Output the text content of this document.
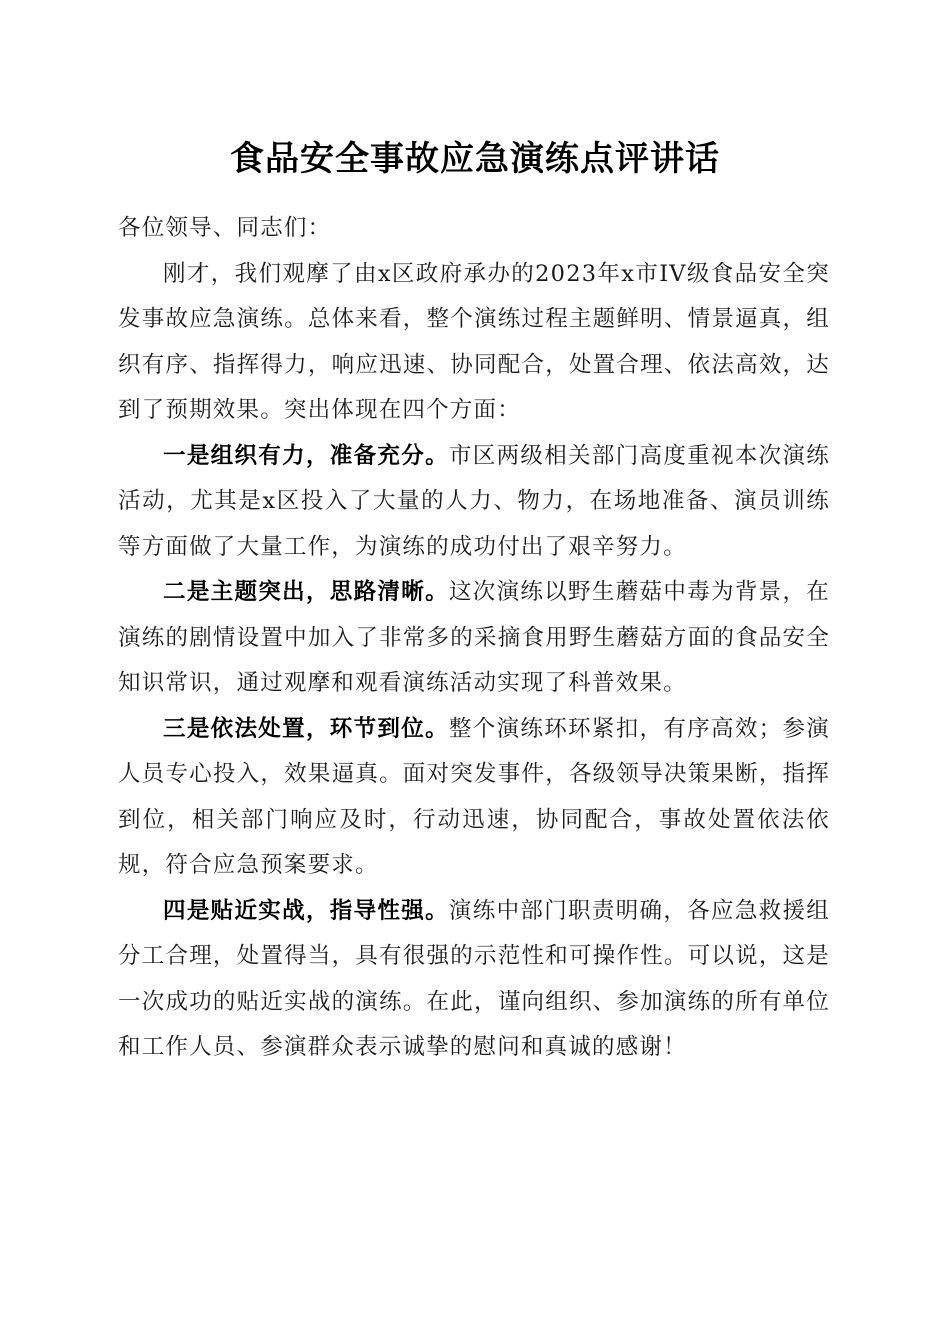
食品安全事故应急演练点评讲话

各位领导、同志们：

刚才，我们观摩了由x区政府承办的2023年x市IV级食品安全突发事故应急演练。总体来看，整个演练过程主题鲜明、情景逼真，组织有序、指挥得力，响应迅速、协同配合，处置合理、依法高效，达到了预期效果。突出体现在四个方面：

一是组织有力，准备充分。市区两级相关部门高度重视本次演练活动，尤其是x区投入了大量的人力、物力，在场地准备、演员训练等方面做了大量工作，为演练的成功付出了艰辛努力。

二是主题突出，思路清晰。这次演练以野生蘑菇中毒为背景，在演练的剧情设置中加入了非常多的采摘食用野生蘑菇方面的食品安全知识常识，通过观摩和观看演练活动实现了科普效果。

三是依法处置，环节到位。整个演练环环紧扣，有序高效；参演人员专心投入，效果逼真。面对突发事件，各级领导决策果断，指挥到位，相关部门响应及时，行动迅速，协同配合，事故处置依法依规，符合应急预案要求。

四是贴近实战，指导性强。演练中部门职责明确，各应急救援组分工合理，处置得当，具有很强的示范性和可操作性。可以说，这是一次成功的贴近实战的演练。在此，谨向组织、参加演练的所有单位和工作人员、参演群众表示诚挚的慰问和真诚的感谢！
